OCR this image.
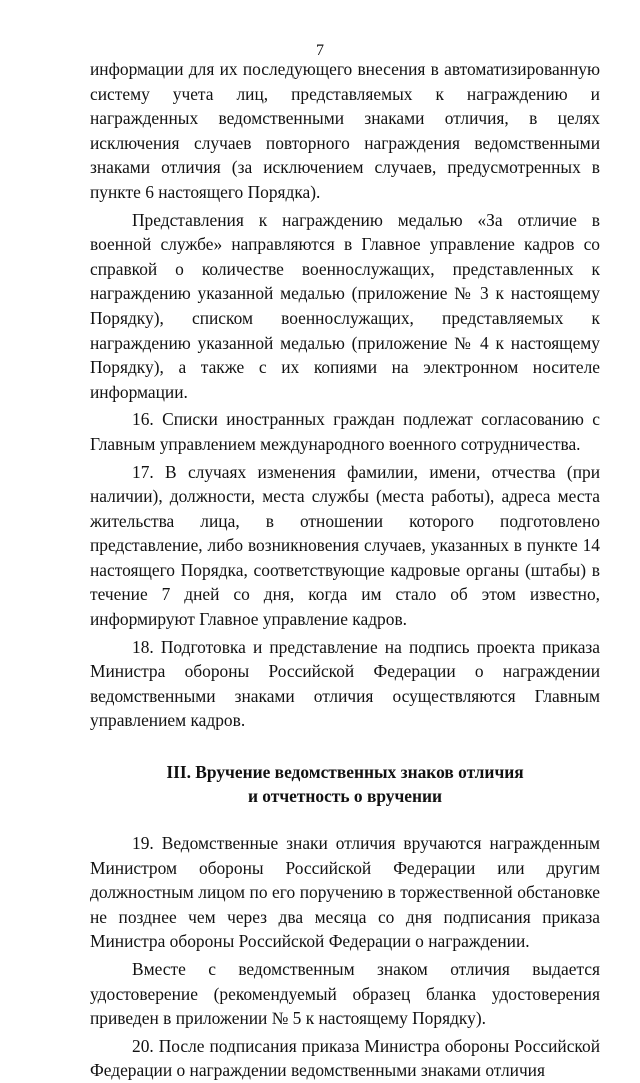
7

информации для их последующего внесения в автоматизированную систему учета лиц, представляемых к награждению и награжденных ведомственными знаками отличия, в целях исключения случаев повторного награждения ведомственными знаками отличия (за исключением случаев, предусмотренных в пункте 6 настоящего Порядка).

Представления к награждению медалью «За отличие в военной службе» направляются в Главное управление кадров со справкой о количестве военнослужащих, представленных к награждению указанной медалью (приложение № 3 к настоящему Порядку), списком военнослужащих, представляемых к награждению указанной медалью (приложение № 4 к настоящему Порядку), а также с их копиями на электронном носителе информации.

16. Списки иностранных граждан подлежат согласованию с Главным управлением международного военного сотрудничества.

17. В случаях изменения фамилии, имени, отчества (при наличии), должности, места службы (места работы), адреса места жительства лица, в отношении которого подготовлено представление, либо возникновения случаев, указанных в пункте 14 настоящего Порядка, соответствующие кадровые органы (штабы) в течение 7 дней со дня, когда им стало об этом известно, информируют Главное управление кадров.

18. Подготовка и представление на подпись проекта приказа Министра обороны Российской Федерации о награждении ведомственными знаками отличия осуществляются Главным управлением кадров.

III. Вручение ведомственных знаков отличия
и отчетность о вручении

19. Ведомственные знаки отличия вручаются награжденным Министром обороны Российской Федерации или другим должностным лицом по его поручению в торжественной обстановке не позднее чем через два месяца со дня подписания приказа Министра обороны Российской Федерации о награждении.

Вместе с ведомственным знаком отличия выдается удостоверение (рекомендуемый образец бланка удостоверения приведен в приложении № 5 к настоящему Порядку).

20. После подписания приказа Министра обороны Российской Федерации о награждении ведомственными знаками отличия
